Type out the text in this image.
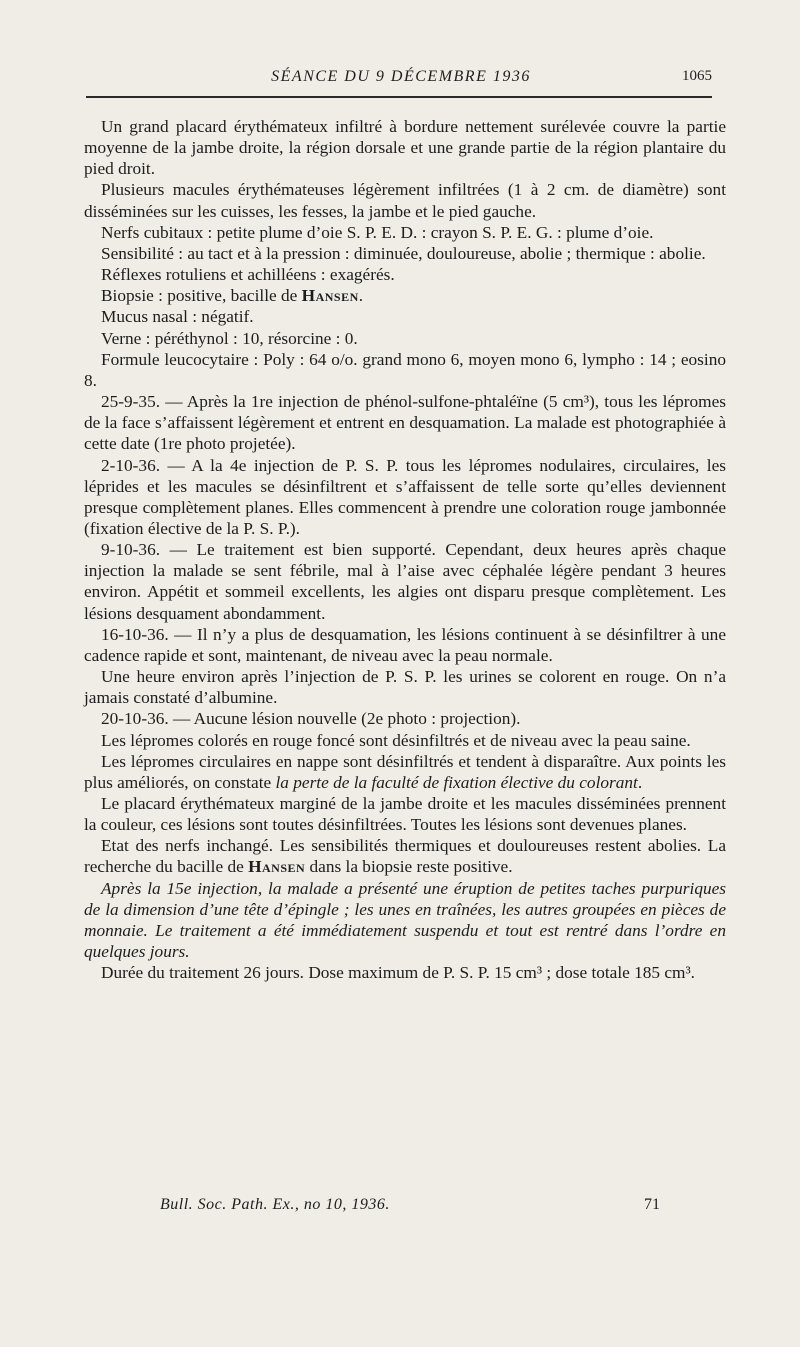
SÉANCE DU 9 DÉCEMBRE 1936	1065

Un grand placard érythémateux infiltré à bordure nettement surélevée couvre la partie moyenne de la jambe droite, la région dorsale et une grande partie de la région plantaire du pied droit.

Plusieurs macules érythémateuses légèrement infiltrées (1 à 2 cm. de diamètre) sont disséminées sur les cuisses, les fesses, la jambe et le pied gauche.

Nerfs cubitaux : petite plume d’oie S. P. E. D. : crayon S. P. E. G. : plume d’oie.

Sensibilité : au tact et à la pression : diminuée, douloureuse, abolie ; thermique : abolie.

Réflexes rotuliens et achilléens : exagérés.

Biopsie : positive, bacille de Hansen.

Mucus nasal : négatif.

Verne : péréthynol : 10, résorcine : 0.

Formule leucocytaire : Poly : 64 o/o. grand mono 6, moyen mono 6, lympho : 14 ; eosino 8.

25-9-35. — Après la 1re injection de phénol-sulfone-phtaléïne (5 cm³), tous les lépromes de la face s’affaissent légèrement et entrent en desquamation. La malade est photographiée à cette date (1re photo projetée).

2-10-36. — A la 4e injection de P. S. P. tous les lépromes nodulaires, circulaires, les léprides et les macules se désinfiltrent et s’affaissent de telle sorte qu’elles deviennent presque complètement planes. Elles commencent à prendre une coloration rouge jambonnée (fixation élective de la P. S. P.).

9-10-36. — Le traitement est bien supporté. Cependant, deux heures après chaque injection la malade se sent fébrile, mal à l’aise avec céphalée légère pendant 3 heures environ. Appétit et sommeil excellents, les algies ont disparu presque complètement. Les lésions desquament abondamment.

16-10-36. — Il n’y a plus de desquamation, les lésions continuent à se désinfiltrer à une cadence rapide et sont, maintenant, de niveau avec la peau normale.

Une heure environ après l’injection de P. S. P. les urines se colorent en rouge. On n’a jamais constaté d’albumine.

20-10-36. — Aucune lésion nouvelle (2e photo : projection).

Les lépromes colorés en rouge foncé sont désinfiltrés et de niveau avec la peau saine.

Les lépromes circulaires en nappe sont désinfiltrés et tendent à disparaître. Aux points les plus améliorés, on constate la perte de la faculté de fixation élective du colorant.

Le placard érythémateux marginé de la jambe droite et les macules disséminées prennent la couleur, ces lésions sont toutes désinfiltrées. Toutes les lésions sont devenues planes.

Etat des nerfs inchangé. Les sensibilités thermiques et douloureuses restent abolies. La recherche du bacille de Hansen dans la biopsie reste positive.

Après la 15e injection, la malade a présenté une éruption de petites taches purpuriques de la dimension d’une tête d’épingle ; les unes en traînées, les autres groupées en pièces de monnaie. Le traitement a été immédiatement suspendu et tout est rentré dans l’ordre en quelques jours.

Durée du traitement 26 jours. Dose maximum de P. S. P. 15 cm³ ; dose totale 185 cm³.

Bull. Soc. Path. Ex., no 10, 1936.	71
